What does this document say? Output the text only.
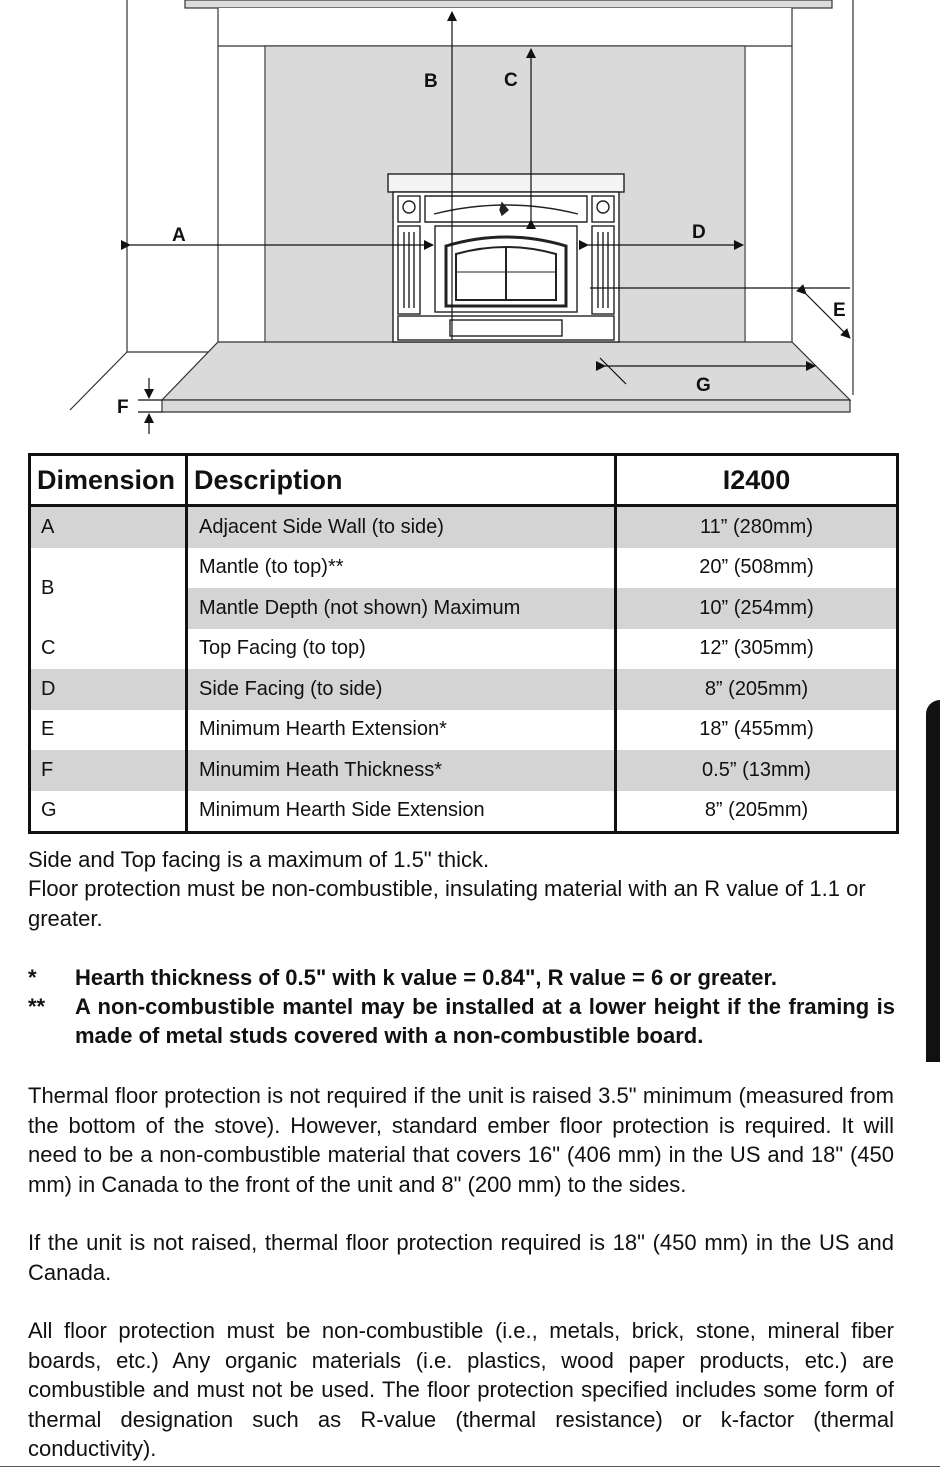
A
B	C
D
E
F
G
Dimension	Description	I2400
A	Adjacent Side Wall (to side)	11” (280mm)
B	Mantle (to top)**	20” (508mm)
	Mantle Depth (not shown) Maximum	10” (254mm)
C	Top Facing (to top)	12” (305mm)
D	Side Facing (to side)	8” (205mm)
E	Minimum Hearth Extension*	18” (455mm)
F	Minumim Heath Thickness*	0.5” (13mm)
G	Minimum Hearth Side Extension	8” (205mm)

Side and Top facing is a maximum of 1.5" thick.

Floor protection must be non-combustible, insulating material with an R value of 1.1 or greater.

*	Hearth thickness of 0.5" with k value = 0.84", R value = 6 or greater.
**	A non-combustible mantel may be installed at a lower height if the framing is made of metal studs covered with a non-combustible board.

Thermal floor protection is not required if the unit is raised 3.5" minimum (measured from the bottom of the stove). However, standard ember floor protection is required. It will need to be a non-combustible material that covers 16" (406 mm) in the US and 18" (450 mm) in Canada to the front of the unit and 8" (200 mm) to the sides.

If the unit is not raised, thermal floor protection required is 18" (450 mm) in the US and Canada.

All floor protection must be non-combustible (i.e., metals, brick, stone, mineral fiber boards, etc.) Any organic materials (i.e. plastics, wood paper products, etc.) are combustible and must not be used. The floor protection specified includes some form of thermal designation such as R-value (thermal resistance) or k-factor (thermal conductivity).
